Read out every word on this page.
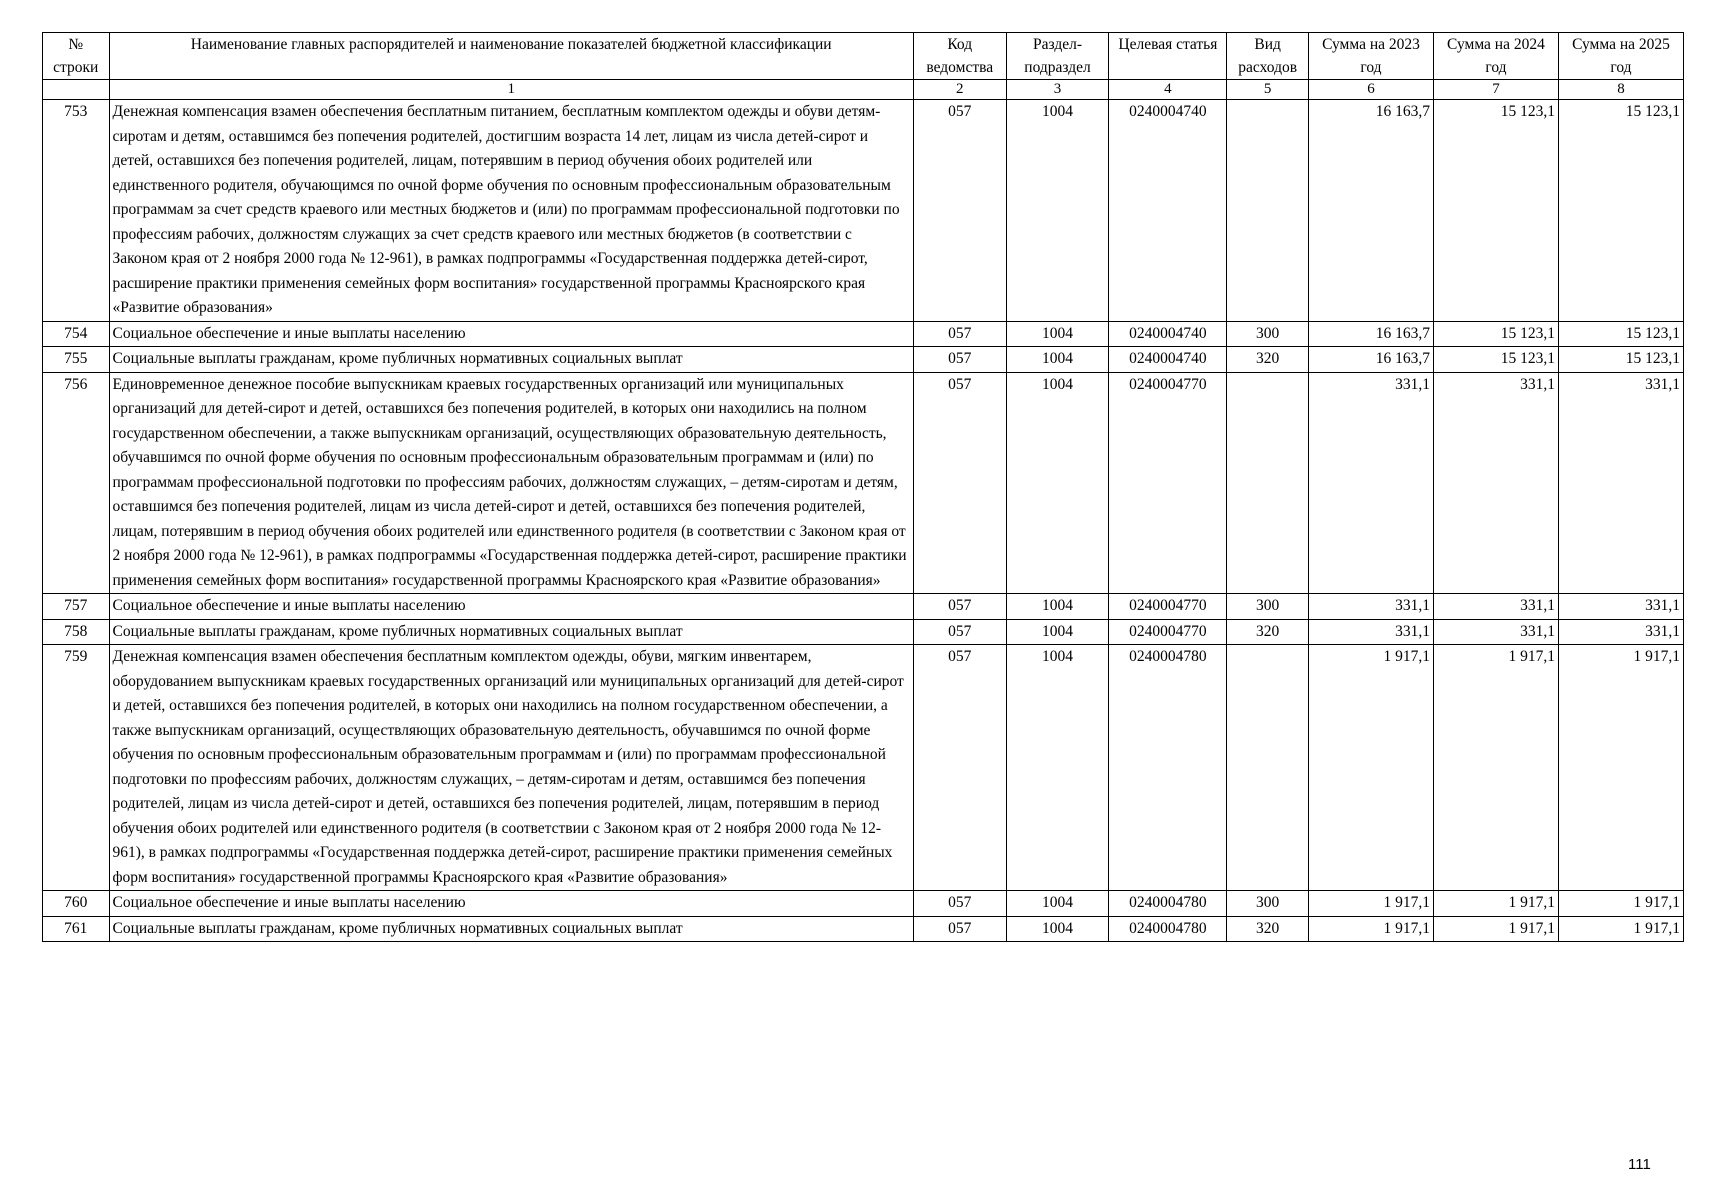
№ строки	Наименование главных распорядителей и наименование показателей бюджетной классификации	Код ведомства	Раздел-подраздел	Целевая статья	Вид расходов	Сумма на 2023 год	Сумма на 2024 год	Сумма на 2025 год
	1	2	3	4	5	6	7	8
753	Денежная компенсация взамен обеспечения бесплатным питанием, бесплатным комплектом одежды и обуви детям-сиротам и детям, оставшимся без попечения родителей, достигшим возраста 14 лет, лицам из числа детей-сирот и детей, оставшихся без попечения родителей, лицам, потерявшим в период обучения обоих родителей или единственного родителя, обучающимся по очной форме обучения по основным профессиональным образовательным программам за счет средств краевого или местных бюджетов и (или) по программам профессиональной подготовки по профессиям рабочих, должностям служащих за счет средств краевого или местных бюджетов (в соответствии с Законом края от 2 ноября 2000 года № 12-961), в рамках подпрограммы «Государственная поддержка детей-сирот, расширение практики применения семейных форм воспитания» государственной программы Красноярского края «Развитие образования»	057	1004	0240004740		16 163,7	15 123,1	15 123,1
754	Социальное обеспечение и иные выплаты населению	057	1004	0240004740	300	16 163,7	15 123,1	15 123,1
755	Социальные выплаты гражданам, кроме публичных нормативных социальных выплат	057	1004	0240004740	320	16 163,7	15 123,1	15 123,1
756	Единовременное денежное пособие выпускникам краевых государственных организаций или муниципальных организаций для детей-сирот и детей, оставшихся без попечения родителей, в которых они находились на полном государственном обеспечении, а также выпускникам организаций, осуществляющих образовательную деятельность, обучавшимся по очной форме обучения по основным профессиональным образовательным программам и (или) по программам профессиональной подготовки по профессиям рабочих, должностям служащих, – детям-сиротам и детям, оставшимся без попечения родителей, лицам из числа детей-сирот и детей, оставшихся без попечения родителей, лицам, потерявшим в период обучения обоих родителей или единственного родителя (в соответствии с Законом края от 2 ноября 2000 года № 12-961), в рамках подпрограммы «Государственная поддержка детей-сирот, расширение практики применения семейных форм воспитания» государственной программы Красноярского края «Развитие образования»	057	1004	0240004770		331,1	331,1	331,1
757	Социальное обеспечение и иные выплаты населению	057	1004	0240004770	300	331,1	331,1	331,1
758	Социальные выплаты гражданам, кроме публичных нормативных социальных выплат	057	1004	0240004770	320	331,1	331,1	331,1
759	Денежная компенсация взамен обеспечения бесплатным комплектом одежды, обуви, мягким инвентарем, оборудованием выпускникам краевых государственных организаций или муниципальных организаций для детей-сирот и детей, оставшихся без попечения родителей, в которых они находились на полном государственном обеспечении, а также выпускникам организаций, осуществляющих образовательную деятельность, обучавшимся по очной форме обучения по основным профессиональным образовательным программам и (или) по программам профессиональной подготовки по профессиям рабочих, должностям служащих, – детям-сиротам и детям, оставшимся без попечения родителей, лицам из числа детей-сирот и детей, оставшихся без попечения родителей, лицам, потерявшим в период обучения обоих родителей или единственного родителя (в соответствии с Законом края от 2 ноября 2000 года № 12-961), в рамках подпрограммы «Государственная поддержка детей-сирот, расширение практики применения семейных форм воспитания» государственной программы Красноярского края «Развитие образования»	057	1004	0240004780		1 917,1	1 917,1	1 917,1
760	Социальное обеспечение и иные выплаты населению	057	1004	0240004780	300	1 917,1	1 917,1	1 917,1
761	Социальные выплаты гражданам, кроме публичных нормативных социальных выплат	057	1004	0240004780	320	1 917,1	1 917,1	1 917,1
111
